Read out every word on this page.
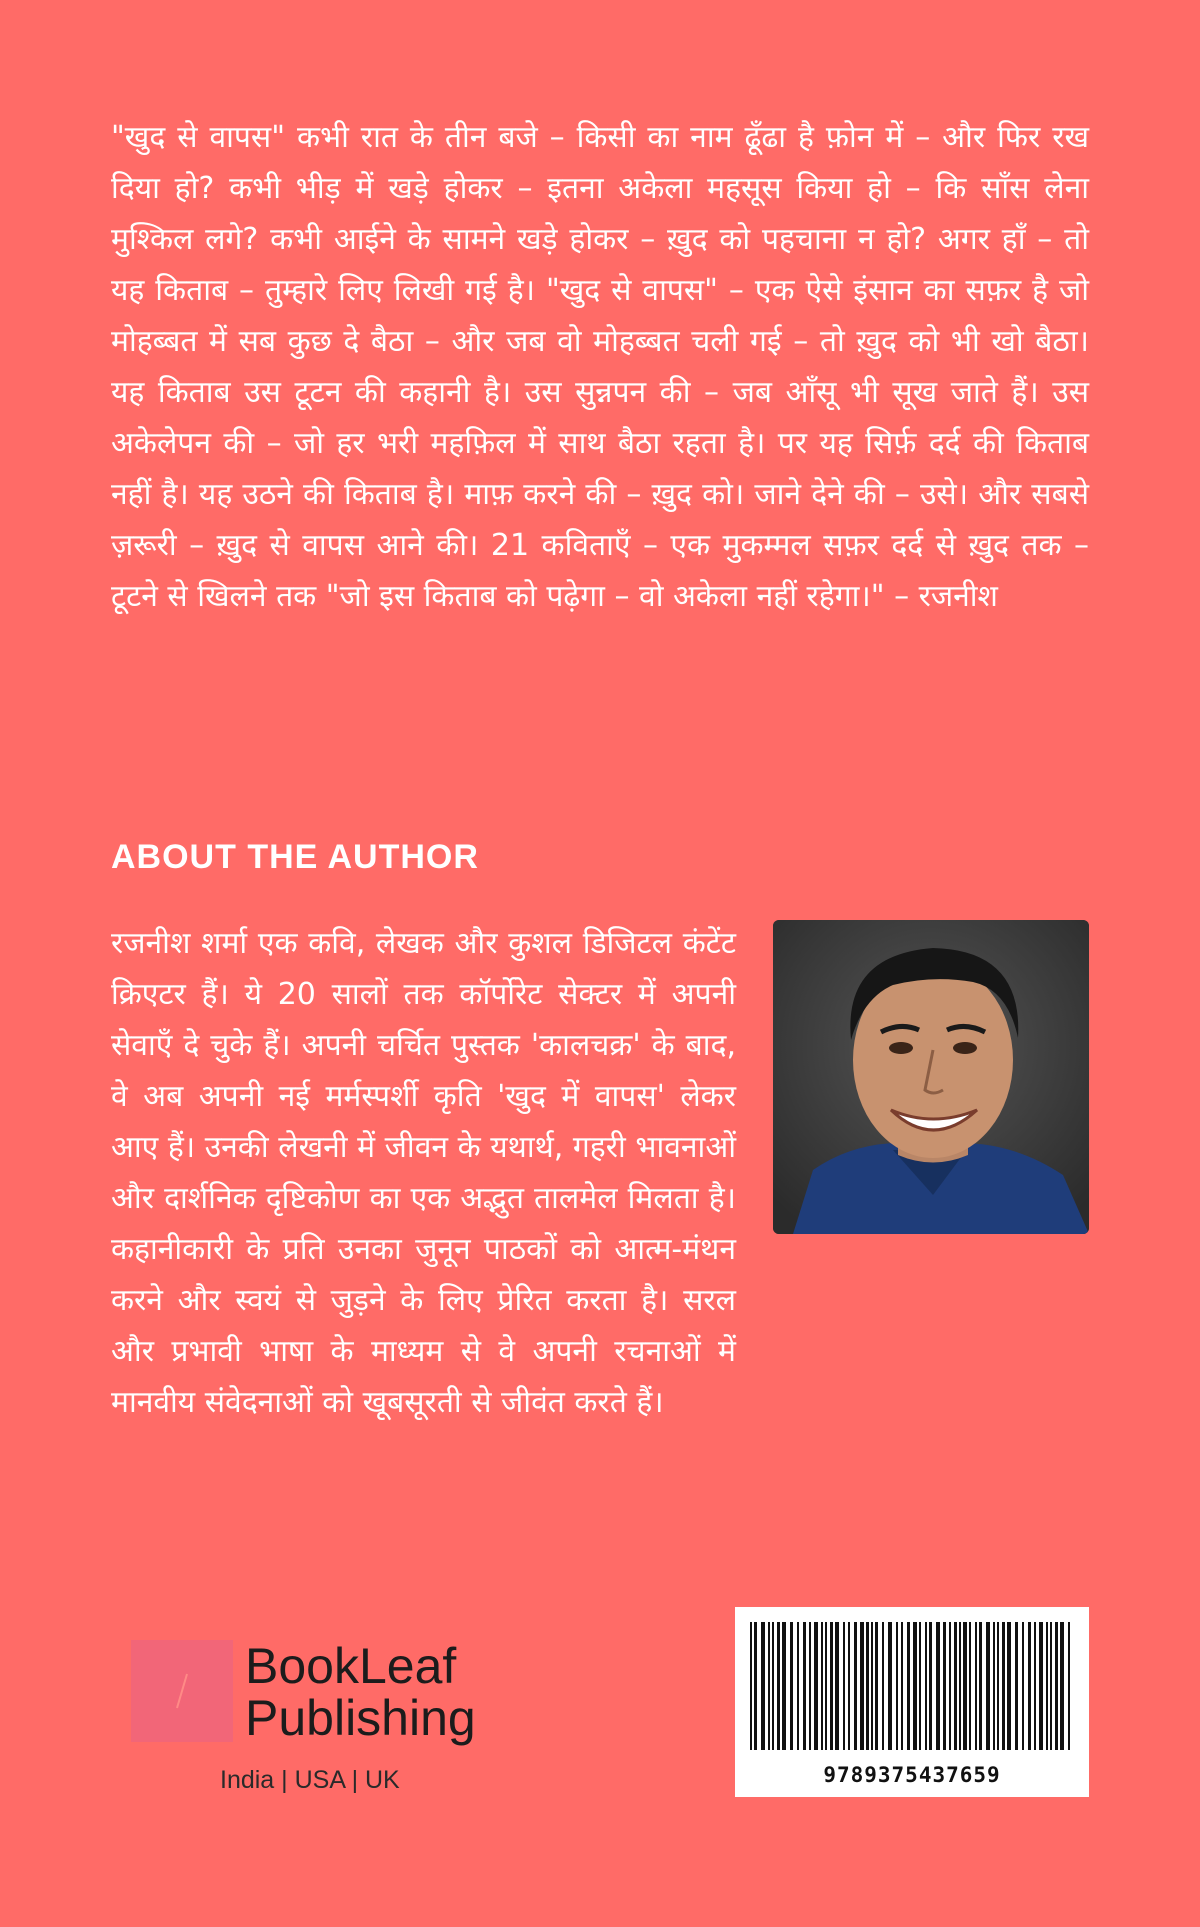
"खुद से वापस" कभी रात के तीन बजे – किसी का नाम ढूँढा है फ़ोन में – और फिर रख दिया हो? कभी भीड़ में खड़े होकर – इतना अकेला महसूस किया हो – कि साँस लेना मुश्किल लगे? कभी आईने के सामने खड़े होकर – ख़ुद को पहचाना न हो? अगर हाँ – तो यह किताब – तुम्हारे लिए लिखी गई है। "खुद से वापस" – एक ऐसे इंसान का सफ़र है जो मोहब्बत में सब कुछ दे बैठा – और जब वो मोहब्बत चली गई – तो ख़ुद को भी खो बैठा। यह किताब उस टूटन की कहानी है। उस सुन्नपन की – जब आँसू भी सूख जाते हैं। उस अकेलेपन की – जो हर भरी महफ़िल में साथ बैठा रहता है। पर यह सिर्फ़ दर्द की किताब नहीं है। यह उठने की किताब है। माफ़ करने की – ख़ुद को। जाने देने की – उसे। और सबसे ज़रूरी – ख़ुद से वापस आने की। 21 कविताएँ – एक मुकम्मल सफ़र दर्द से ख़ुद तक – टूटने से खिलने तक "जो इस किताब को पढ़ेगा – वो अकेला नहीं रहेगा।" – रजनीश

ABOUT THE AUTHOR

रजनीश शर्मा एक कवि, लेखक और कुशल डिजिटल कंटेंट क्रिएटर हैं। ये 20 सालों तक कॉर्पोरेट सेक्टर में अपनी सेवाएँ दे चुके हैं। अपनी चर्चित पुस्तक 'कालचक्र' के बाद, वे अब अपनी नई मर्मस्पर्शी कृति 'खुद में वापस' लेकर आए हैं। उनकी लेखनी में जीवन के यथार्थ, गहरी भावनाओं और दार्शनिक दृष्टिकोण का एक अद्भुत तालमेल मिलता है। कहानीकारी के प्रति उनका जुनून पाठकों को आत्म-मंथन करने और स्वयं से जुड़ने के लिए प्रेरित करता है। सरल और प्रभावी भाषा के माध्यम से वे अपनी रचनाओं में मानवीय संवेदनाओं को खूबसूरती से जीवंत करते हैं।

BookLeaf
Publishing
India | USA | UK	9789375437659
